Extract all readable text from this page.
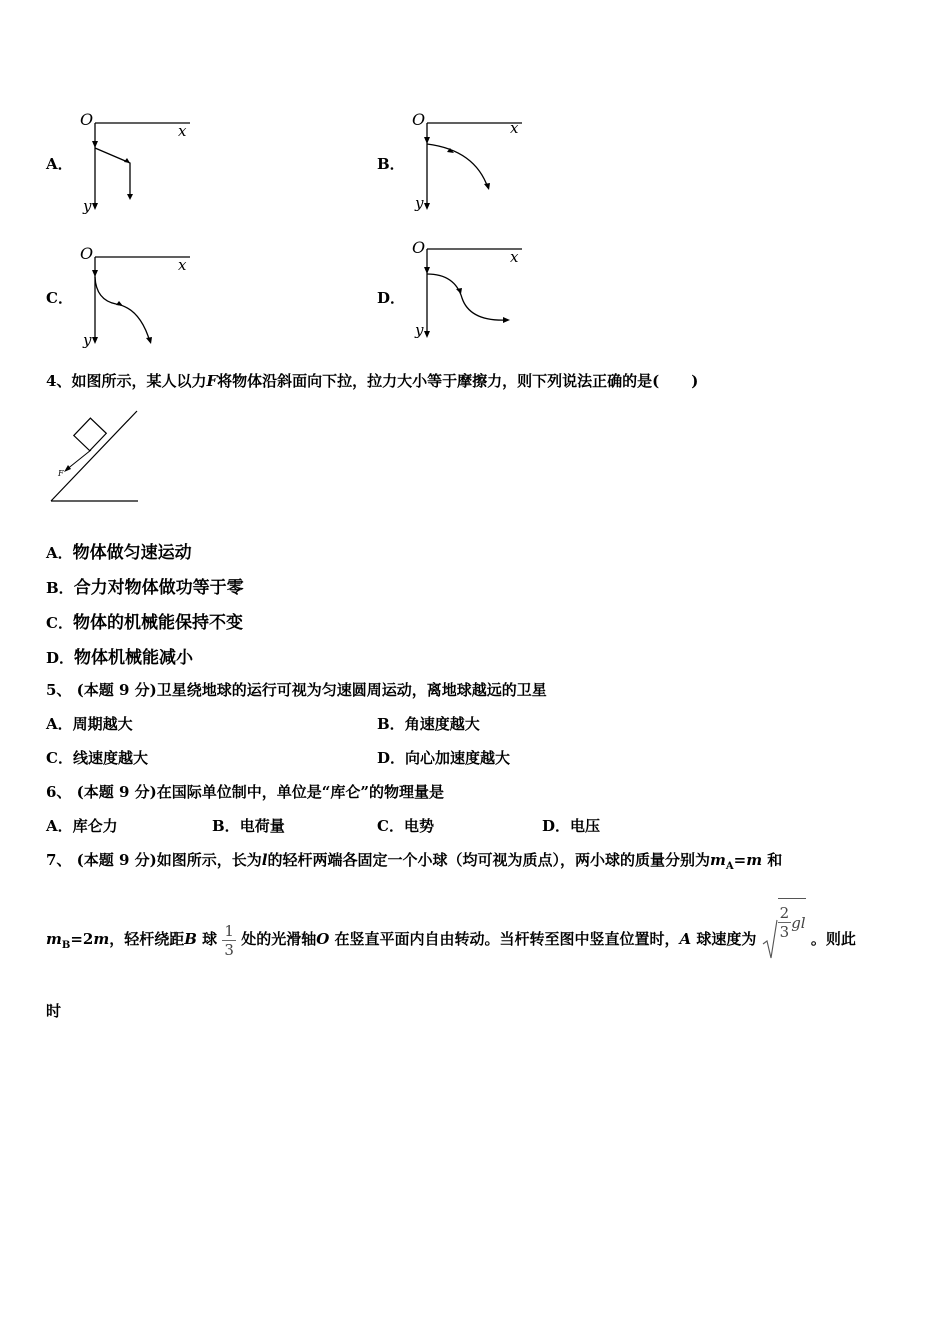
A．
O
x
y
B．
O	x
y
C．
O
x
y
D．
O	x
y
4、如图所示，某人以力F将物体沿斜面向下拉，拉力大小等于摩擦力，则下列说法正确的是( )
F
A．物体做匀速运动
B．合力对物体做功等于零
C．物体的机械能保持不变
D．物体机械能减小
5、 (本题 9 分)卫星绕地球的运行可视为匀速圆周运动，离地球越远的卫星
A．周期越大	B．角速度越大
C．线速度越大	D．向心加速度越大
6、 (本题 9 分)在国际单位制中，单位是“库仑”的物理量是
A．库仑力	B．电荷量	C．电势	D．电压
7、 (本题 9 分)如图所示，长为l的轻杆两端各固定一个小球（均可视为质点），两小球的质量分别为$m_A=m$ 和
$m_B=2m$，轻杆绕距B 球 $\frac{1}{3}$ 处的光滑轴O 在竖直平面内自由转动。当杆转至图中竖直位置时，A 球速度为 $\frac{2}{3}$ gl 。则此
时
